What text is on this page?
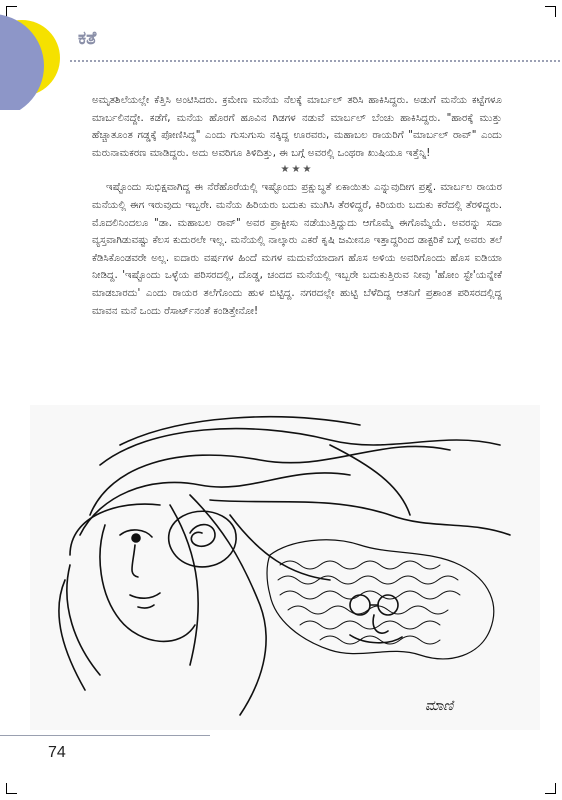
ಕತೆ

ಅಮೃತಶಿಲೆಯಲ್ಲೇ ಕೆತ್ತಿಸಿ ಅಂಟಿಸಿದರು. ಕ್ರಮೇಣ ಮನೆಯ ನೆಲಕ್ಕೆ ಮಾರ್ಬಲ್ ತರಿಸಿ ಹಾಕಿಸಿದ್ದರು. ಅಡುಗೆ ಮನೆಯ ಕಟ್ಟೆಗಳೂ ಮಾರ್ಬಲಿನದ್ದೇ. ಕಡೆಗೆ, ಮನೆಯ ಹೊರಗೆ ಹೂವಿನ ಗಿಡಗಳ ನಡುವೆ ಮಾರ್ಬಲ್ ಬೆಂಚು ಹಾಕಿಸಿದ್ದರು. "ಹಾರಕ್ಕೆ ಮುತ್ತು ಹೆಚ್ಚಾತೂಂತ ಗಡ್ಡಕ್ಕೆ ಪೋಣಿಸಿದ್ದ" ಎಂದು ಗುಸುಗುಸು ನಕ್ಕಿದ್ದ ಊರವರು, ಮಹಾಬಲ ರಾಯರಿಗೆ "ಮಾರ್ಬಲ್ ರಾವ್" ಎಂದು ಮರುನಾಮಕರಣ ಮಾಡಿದ್ದರು. ಅದು ಅವರಿಗೂ ತಿಳಿದಿತ್ತು, ಈ ಬಗ್ಗೆ ಅವರಲ್ಲಿ ಒಂಥರಾ ಖುಷಿಯೂ ಇತ್ತೆನ್ನಿ!

★★★

ಇಷ್ಟೊಂದು ಸುಭಿಕ್ಷವಾಗಿದ್ದ ಈ ನೆರೆಹೊರೆಯಲ್ಲಿ ಇಷ್ಟೊಂದು ಪ್ರಕ್ಷುಬ್ಧತೆ ಏಕಾಯಿತು ಎನ್ನುವುದೀಗ ಪ್ರಶ್ನೆ. ಮಾರ್ಬಲ ರಾಯರ ಮನೆಯಲ್ಲಿ ಈಗ ಇರುವುದು ಇಬ್ಬರೇ. ಮನೆಯ ಹಿರಿಯರು ಬದುಕು ಮುಗಿಸಿ ತೆರಳಿದ್ದರೆ, ಕಿರಿಯರು ಬದುಕು ಕರೆದಲ್ಲಿ ತೆರಳಿದ್ದರು. ಮೊದಲಿನಿಂದಲೂ "ಡಾ. ಮಹಾಬಲ ರಾವ್" ಅವರ ಪ್ರಾಕ್ಟೀಸು ನಡೆಯುತ್ತಿದ್ದುದು ಆಗೊಮ್ಮೆ ಈಗೊಮ್ಮೆಯೆ. ಅವರನ್ನು ಸದಾ ವ್ಯಸ್ತವಾಗಿಡುವಷ್ಟು ಕೆಲಸ ಕುದುರಲೇ ಇಲ್ಲ. ಮನೆಯಲ್ಲಿ ನಾಲ್ಕಾರು ಎಕರೆ ಕೃಷಿ ಜಮೀನೂ ಇತ್ತಾದ್ದರಿಂದ ಡಾಕ್ಟರಿಕೆ ಬಗ್ಗೆ ಅವರು ತಲೆ ಕೆಡಿಸಿಕೊಂಡವರೇ ಅಲ್ಲ. ಐದಾರು ವರ್ಷಗಳ ಹಿಂದೆ ಮಗಳ ಮದುವೆಯಾದಾಗ ಹೊಸ ಅಳಿಯ ಅವರಿಗೊಂದು ಹೊಸ ಐಡಿಯಾ ನೀಡಿದ್ದ. 'ಇಷ್ಟೊಂದು ಒಳ್ಳೆಯ ಪರಿಸರದಲ್ಲಿ, ದೊಡ್ಡ, ಚಂದದ ಮನೆಯಲ್ಲಿ ಇಬ್ಬರೇ ಬದುಕುತ್ತಿರುವ ನೀವು 'ಹೋಂ ಸ್ಟೇ'ಯನ್ನೇಕೆ ಮಾಡಬಾರದು' ಎಂದು ರಾಯರ ತಲೆಗೊಂದು ಹುಳ ಬಿಟ್ಟಿದ್ದ. ನಗರದಲ್ಲೇ ಹುಟ್ಟಿ ಬೆಳೆದಿದ್ದ ಆತನಿಗೆ ಪ್ರಶಾಂತ ಪರಿಸರದಲ್ಲಿದ್ದ ಮಾವನ ಮನೆ ಒಂದು ರೆಸಾರ್ಟ್‌ನಂತೆ ಕಂಡಿತ್ತೇನೋ!

ಮಾಣಿ
74
